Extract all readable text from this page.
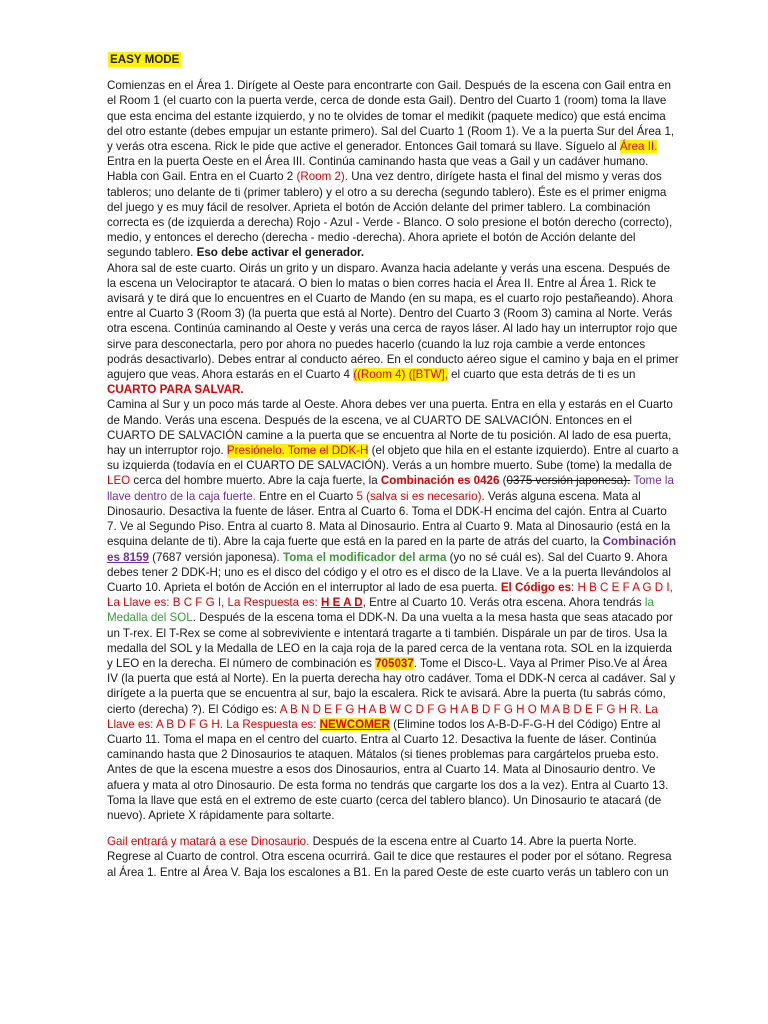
EASY MODE

Comienzas en el Área 1. Dirígete al Oeste para encontrarte con Gail. Después de la escena con Gail entra en el Room 1 (el cuarto con la puerta verde, cerca de donde esta Gail). Dentro del Cuarto 1 (room) toma la llave que esta encima del estante izquierdo, y no te olvides de tomar el medikit (paquete medico) que está encima del otro estante (debes empujar un estante primero). Sal del Cuarto 1 (Room 1). Ve a la puerta Sur del Área 1, y verás otra escena. Rick le pide que active el generador. Entonces Gail tomará su llave. Síguelo al Área II.

Entra en la puerta Oeste en el Área III. Continúa caminando hasta que veas a Gail y un cadáver humano. Habla con Gail. Entra en el Cuarto 2 (Room 2). Una vez dentro, dirígete hasta el final del mismo y veras dos tableros; uno delante de ti (primer tablero) y el otro a su derecha (segundo tablero). Éste es el primer enigma del juego y es muy fácil de resolver. Aprieta el botón de Acción delante del primer tablero. La combinación correcta es (de izquierda a derecha) Rojo - Azul - Verde - Blanco. O solo presione el botón derecho (correcto), medio, y entonces el derecho (derecha - medio -derecha). Ahora apriete el botón de Acción delante del segundo tablero. Eso debe activar el generador.

Ahora sal de este cuarto. Oirás un grito y un disparo. Avanza hacia adelante y verás una escena. Después de la escena un Velociraptor te atacará. O bien lo matas o bien corres hacia el Área II. Entre al Área 1. Rick te avisará y te dirá que lo encuentres en el Cuarto de Mando (en su mapa, es el cuarto rojo pestañeando). Ahora entre al Cuarto 3 (Room 3) (la puerta que está al Norte). Dentro del Cuarto 3 (Room 3) camina al Norte. Verás otra escena. Continúa caminando al Oeste y verás una cerca de rayos láser. Al lado hay un interruptor rojo que sirve para desconectarla, pero por ahora no puedes hacerlo (cuando la luz roja cambie a verde entonces podrás desactivarlo). Debes entrar al conducto aéreo. En el conducto aéreo sigue el camino y baja en el primer agujero que veas. Ahora estarás en el Cuarto 4 ((Room 4) ([BTW], el cuarto que esta detrás de ti es un CUARTO PARA SALVAR.

Camina al Sur y un poco más tarde al Oeste. Ahora debes ver una puerta. Entra en ella y estarás en el Cuarto de Mando. Verás una escena. Después de la escena, ve al CUARTO DE SALVACIÓN. Entonces en el CUARTO DE SALVACIÓN camine a la puerta que se encuentra al Norte de tu posición. Al lado de esa puerta, hay un interruptor rojo. Presiónelo. Tome el DDK-H (el objeto que hila en el estante izquierdo). Entre al cuarto a su izquierda (todavía en el CUARTO DE SALVACIÓN). Verás a un hombre muerto. Sube (tome) la medalla de LEO cerca del hombre muerto. Abre la caja fuerte, la Combinación es 0426 (0375 versión japonesa). Tome la llave dentro de la caja fuerte. Entre en el Cuarto 5 (salva si es necesario). Verás alguna escena. Mata al Dinosaurio. Desactiva la fuente de láser. Entra al Cuarto 6. Toma el DDK-H encima del cajón. Entra al Cuarto 7. Ve al Segundo Piso. Entra al cuarto 8. Mata al Dinosaurio. Entra al Cuarto 9. Mata al Dinosaurio (está en la esquina delante de ti). Abre la caja fuerte que está en la pared en la parte de atrás del cuarto, la Combinación es 8159 (7687 versión japonesa). Toma el modificador del arma (yo no sé cuál es). Sal del Cuarto 9. Ahora debes tener 2 DDK-H; uno es el disco del código y el otro es el disco de la Llave. Ve a la puerta llevándolos al Cuarto 10. Aprieta el botón de Acción en el interruptor al lado de esa puerta. El Código es: H B C E F A G D I, La Llave es: B C F G I, La Respuesta es: H E A D, Entre al Cuarto 10. Verás otra escena. Ahora tendrás la Medalla del SOL. Después de la escena toma el DDK-N. Da una vuelta a la mesa hasta que seas atacado por un T-rex. El T-Rex se come al sobreviviente e intentará tragarte a ti también. Dispárale un par de tiros. Usa la medalla del SOL y la Medalla de LEO en la caja roja de la pared cerca de la ventana rota. SOL en la izquierda y LEO en la derecha. El número de combinación es 705037. Tome el Disco-L. Vaya al Primer Piso.Ve al Área IV (la puerta que está al Norte). En la puerta derecha hay otro cadáver. Toma el DDK-N cerca al cadáver. Sal y dirígete a la puerta que se encuentra al sur, bajo la escalera. Rick te avisará. Abre la puerta (tu sabrás cómo, cierto (derecha) ?). El Código es: A B N D E F G H A B W C D F G H A B D F G H O M A B D E F G H R. La Llave es: A B D F G H. La Respuesta es: NEWCOMER (Elimine todos los A-B-D-F-G-H del Código) Entre al Cuarto 11. Toma el mapa en el centro del cuarto. Entra al Cuarto 12. Desactiva la fuente de láser. Continúa caminando hasta que 2 Dinosaurios te ataquen. Mátalos (si tienes problemas para cargártelos prueba esto. Antes de que la escena muestre a esos dos Dinosaurios, entra al Cuarto 14. Mata al Dinosaurio dentro. Ve afuera y mata al otro Dinosaurio. De esta forma no tendrás que cargarte los dos a la vez). Entra al Cuarto 13. Toma la llave que está en el extremo de este cuarto (cerca del tablero blanco). Un Dinosaurio te atacará (de nuevo). Apriete X rápidamente para soltarte.

Gail entrará y matará a ese Dinosaurio. Después de la escena entre al Cuarto 14. Abre la puerta Norte. Regrese al Cuarto de control. Otra escena ocurrirá. Gail te dice que restaures el poder por el sótano. Regresa al Área 1. Entre al Área V. Baja los escalones a B1. En la pared Oeste de este cuarto verás un tablero con un
